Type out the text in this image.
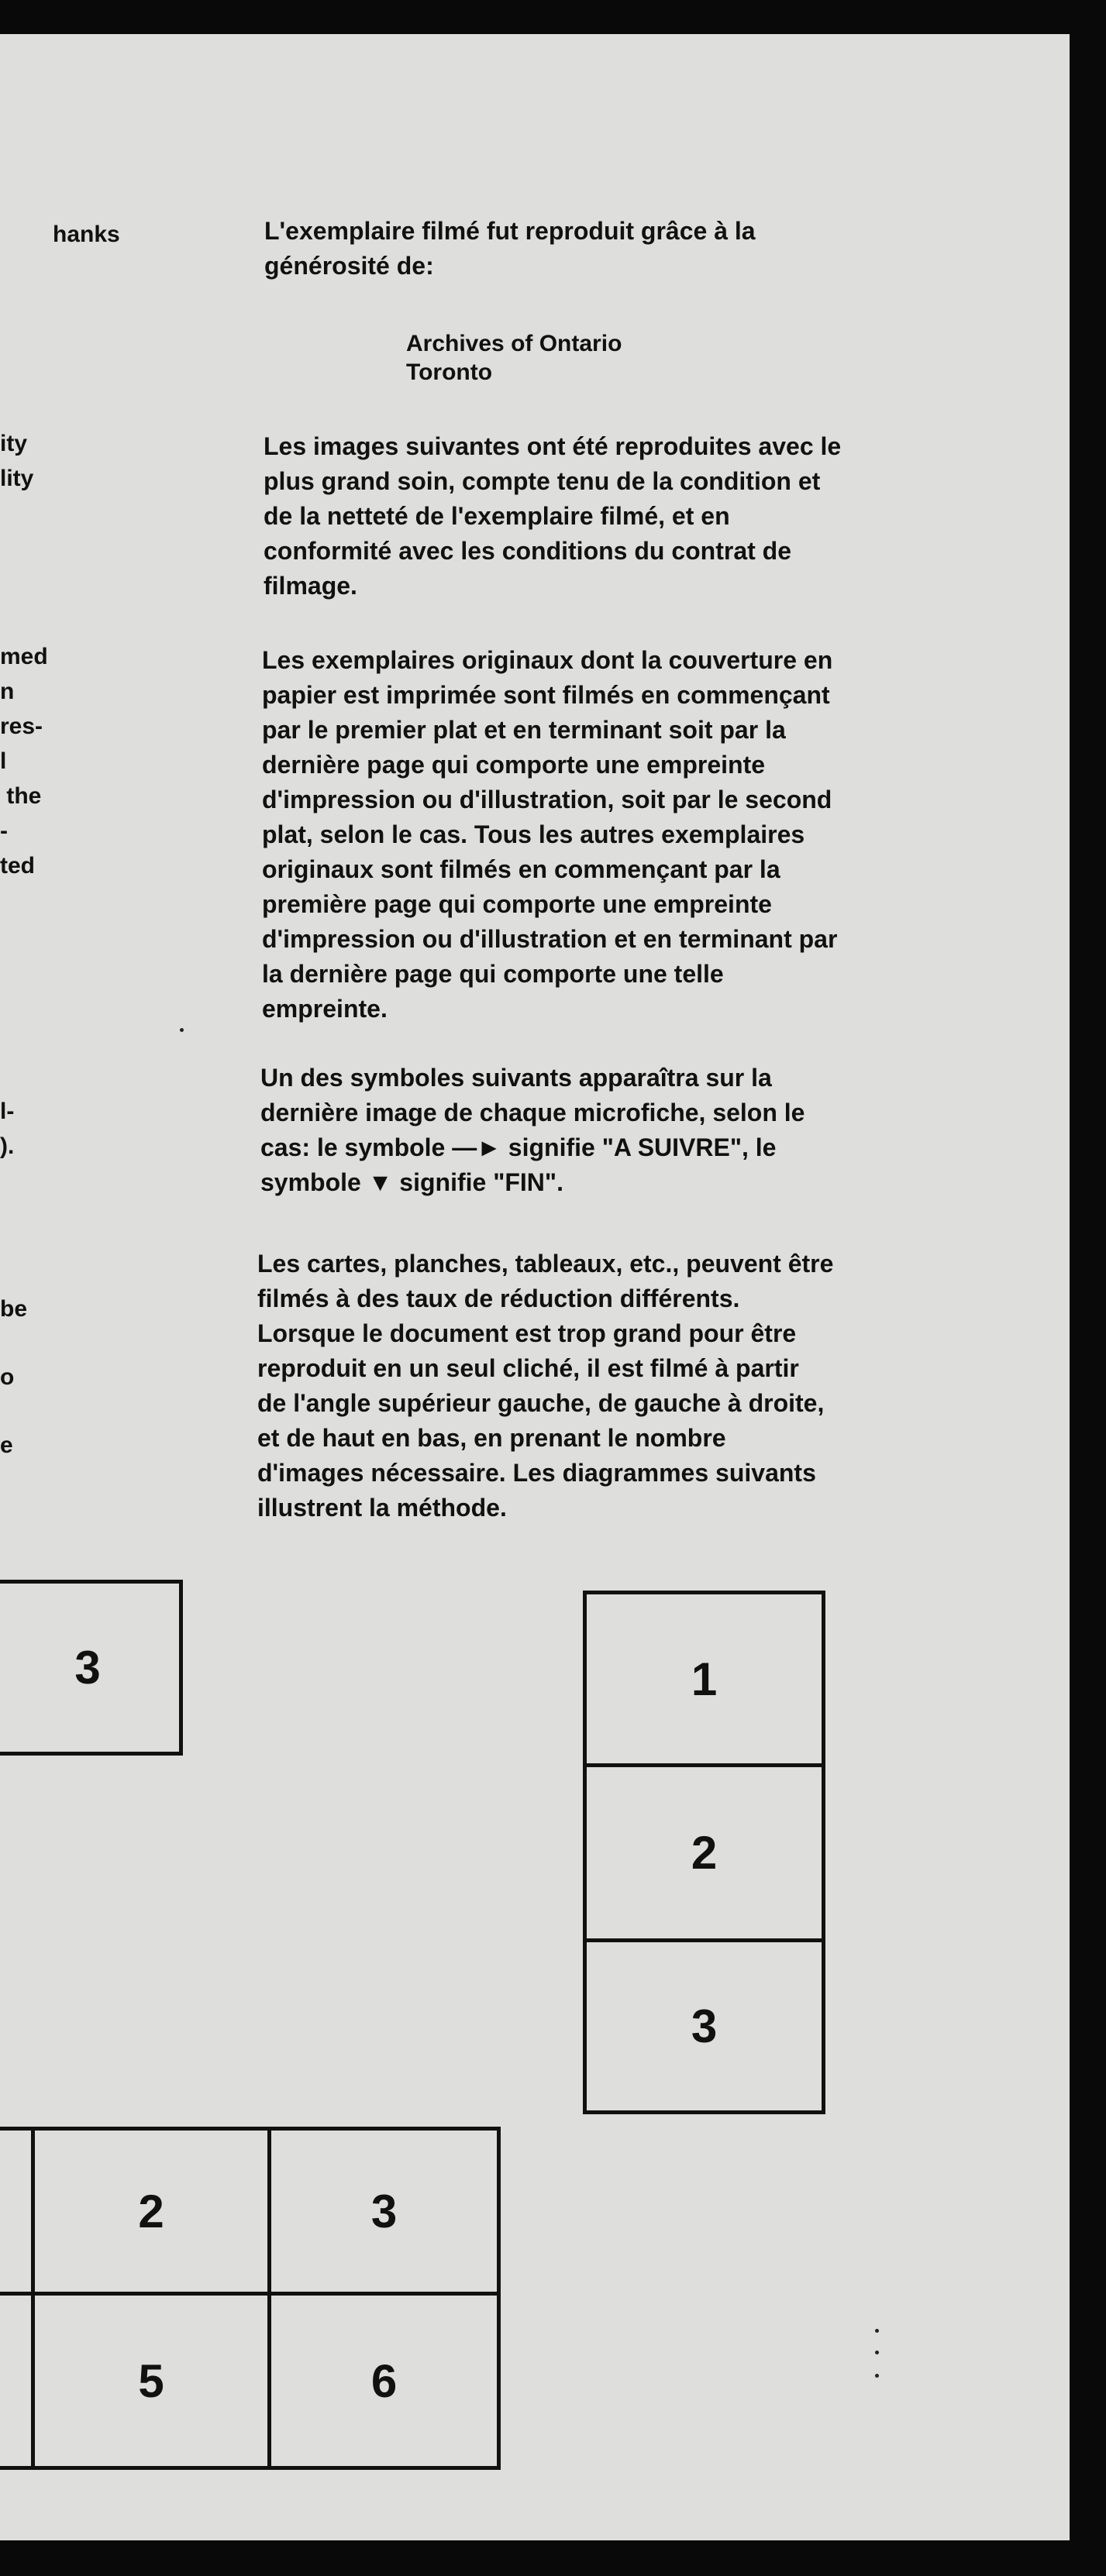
hanks
ity
lity
med
n
res-
l
the
-
ted
l-
).
be
o
e
L'exemplaire filmé fut reproduit grâce à la
générosité de:
Archives of Ontario
Toronto
Les images suivantes ont été reproduites avec le
plus grand soin, compte tenu de la condition et
de la netteté de l'exemplaire filmé, et en
conformité avec les conditions du contrat de
filmage.
Les exemplaires originaux dont la couverture en
papier est imprimée sont filmés en commençant
par le premier plat et en terminant soit par la
dernière page qui comporte une empreinte
d'impression ou d'illustration, soit par le second
plat, selon le cas. Tous les autres exemplaires
originaux sont filmés en commençant par la
première page qui comporte une empreinte
d'impression ou d'illustration et en terminant par
la dernière page qui comporte une telle
empreinte.
Un des symboles suivants apparaîtra sur la
dernière image de chaque microfiche, selon le
cas: le symbole —► signifie "A SUIVRE", le
symbole ▼ signifie "FIN".
Les cartes, planches, tableaux, etc., peuvent être
filmés à des taux de réduction différents.
Lorsque le document est trop grand pour être
reproduit en un seul cliché, il est filmé à partir
de l'angle supérieur gauche, de gauche à droite,
et de haut en bas, en prenant le nombre
d'images nécessaire. Les diagrammes suivants
illustrent la méthode.
3	1
2
3
2	3
5	6
